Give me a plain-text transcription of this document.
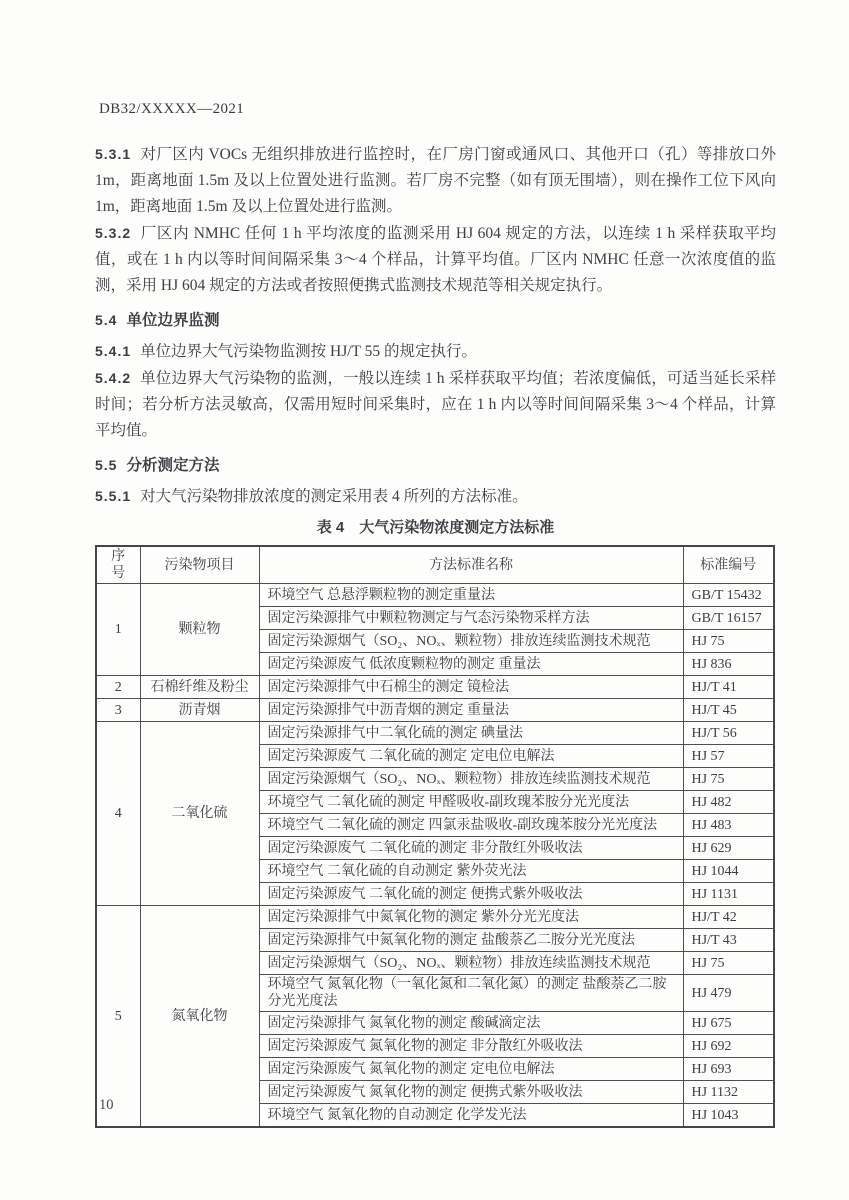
DB32/XXXXX—2021

5.3.1 对厂区内 VOCs 无组织排放进行监控时，在厂房门窗或通风口、其他开口（孔）等排放口外 1m，距离地面 1.5m 及以上位置处进行监测。若厂房不完整（如有顶无围墙），则在操作工位下风向 1m，距离地面 1.5m 及以上位置处进行监测。

5.3.2 厂区内 NMHC 任何 1 h 平均浓度的监测采用 HJ 604 规定的方法，以连续 1 h 采样获取平均值，或在 1 h 内以等时间间隔采集 3～4 个样品，计算平均值。厂区内 NMHC 任意一次浓度值的监测，采用 HJ 604 规定的方法或者按照便携式监测技术规范等相关规定执行。

5.4 单位边界监测

5.4.1 单位边界大气污染物监测按 HJ/T 55 的规定执行。

5.4.2 单位边界大气污染物的监测，一般以连续 1 h 采样获取平均值；若浓度偏低，可适当延长采样时间；若分析方法灵敏高，仅需用短时间采集时，应在 1 h 内以等时间间隔采集 3～4 个样品，计算平均值。

5.5 分析测定方法

5.5.1 对大气污染物排放浓度的测定采用表 4 所列的方法标准。

表 4　大气污染物浓度测定方法标准

序号	污染物项目	方法标准名称	标准编号
1	颗粒物	环境空气 总悬浮颗粒物的测定重量法	GB/T 15432
		固定污染源排气中颗粒物测定与气态污染物采样方法	GB/T 16157
		固定污染源烟气（SO₂、NOₓ、颗粒物）排放连续监测技术规范	HJ 75
		固定污染源废气 低浓度颗粒物的测定 重量法	HJ 836
2	石棉纤维及粉尘	固定污染源排气中石棉尘的测定 镜检法	HJ/T 41
3	沥青烟	固定污染源排气中沥青烟的测定 重量法	HJ/T 45
4	二氧化硫	固定污染源排气中二氧化硫的测定 碘量法	HJ/T 56
		固定污染源废气 二氧化硫的测定 定电位电解法	HJ 57
		固定污染源烟气（SO₂、NOₓ、颗粒物）排放连续监测技术规范	HJ 75
		环境空气 二氧化硫的测定 甲醛吸收-副玫瑰苯胺分光光度法	HJ 482
		环境空气 二氧化硫的测定 四氯汞盐吸收-副玫瑰苯胺分光光度法	HJ 483
		固定污染源废气 二氧化硫的测定 非分散红外吸收法	HJ 629
		环境空气 二氧化硫的自动测定 紫外荧光法	HJ 1044
		固定污染源废气 二氧化硫的测定 便携式紫外吸收法	HJ 1131
5	氮氧化物	固定污染源排气中氮氧化物的测定 紫外分光光度法	HJ/T 42
		固定污染源排气中氮氧化物的测定 盐酸萘乙二胺分光光度法	HJ/T 43
		固定污染源烟气（SO₂、NOₓ、颗粒物）排放连续监测技术规范	HJ 75
		环境空气 氮氧化物（一氧化氮和二氧化氮）的测定 盐酸萘乙二胺分光光度法	HJ 479
		固定污染源排气 氮氧化物的测定 酸碱滴定法	HJ 675
		固定污染源废气 氮氧化物的测定 非分散红外吸收法	HJ 692
		固定污染源废气 氮氧化物的测定 定电位电解法	HJ 693
		固定污染源废气 氮氧化物的测定 便携式紫外吸收法	HJ 1132
		环境空气 氮氧化物的自动测定 化学发光法	HJ 1043
10
